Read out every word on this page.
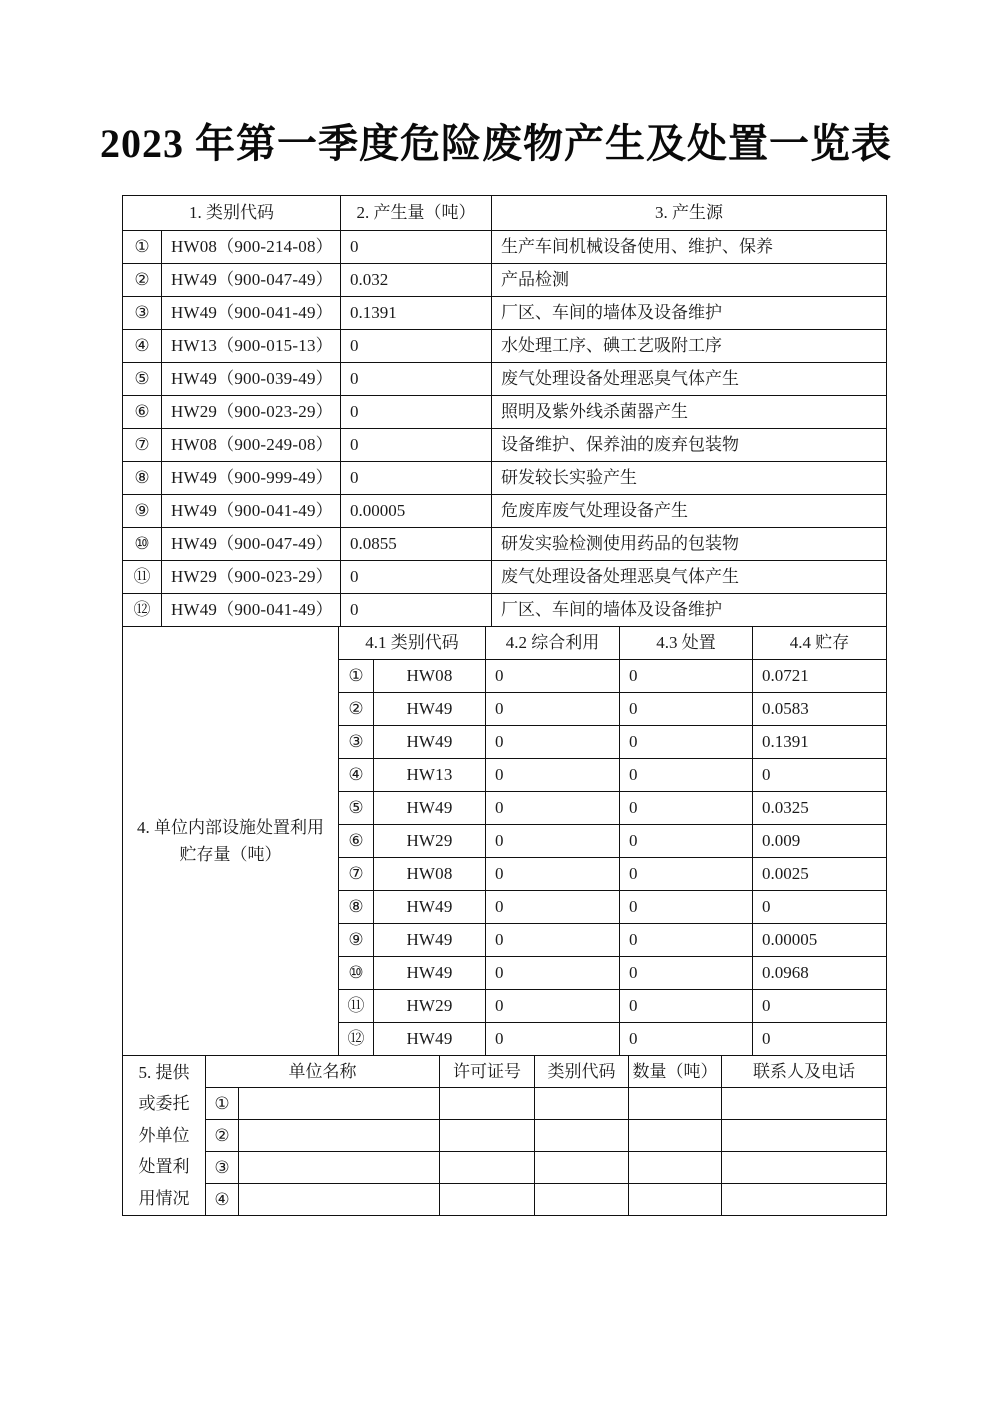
2023 年第一季度危险废物产生及处置一览表
1. 类别代码		2. 产生量（吨）	3. 产生源
①	HW08（900-214-08）	0	生产车间机械设备使用、维护、保养
②	HW49（900-047-49）	0.032	产品检测
③	HW49（900-041-49）	0.1391	厂区、车间的墙体及设备维护
④	HW13（900-015-13）	0	水处理工序、碘工艺吸附工序
⑤	HW49（900-039-49）	0	废气处理设备处理恶臭气体产生
⑥	HW29（900-023-29）	0	照明及紫外线杀菌器产生
⑦	HW08（900-249-08）	0	设备维护、保养油的废弃包装物
⑧	HW49（900-999-49）	0	研发较长实验产生
⑨	HW49（900-041-49）	0.00005	危废库废气处理设备产生
⑩	HW49（900-047-49）	0.0855	研发实验检测使用药品的包装物
⑪	HW29（900-023-29）	0	废气处理设备处理恶臭气体产生
⑫	HW49（900-041-49）	0	厂区、车间的墙体及设备维护
4. 单位内部设施处置利用
贮存量（吨）	4.1 类别代码		4.2 综合利用	4.3 处置	4.4 贮存
	①	HW08	0	0	0.0721
	②	HW49	0	0	0.0583
	③	HW49	0	0	0.1391
	④	HW13	0	0	0
	⑤	HW49	0	0	0.0325
	⑥	HW29	0	0	0.009
	⑦	HW08	0	0	0.0025
	⑧	HW49	0	0	0
	⑨	HW49	0	0	0.00005
	⑩	HW49	0	0	0.0968
	⑪	HW29	0	0	0
	⑫	HW49	0	0	0
5. 提供
或委托
外单位
处置利
用情况	单位名称		许可证号	类别代码	数量（吨）	联系人及电话
	①					
	②					
	③					
	④					
